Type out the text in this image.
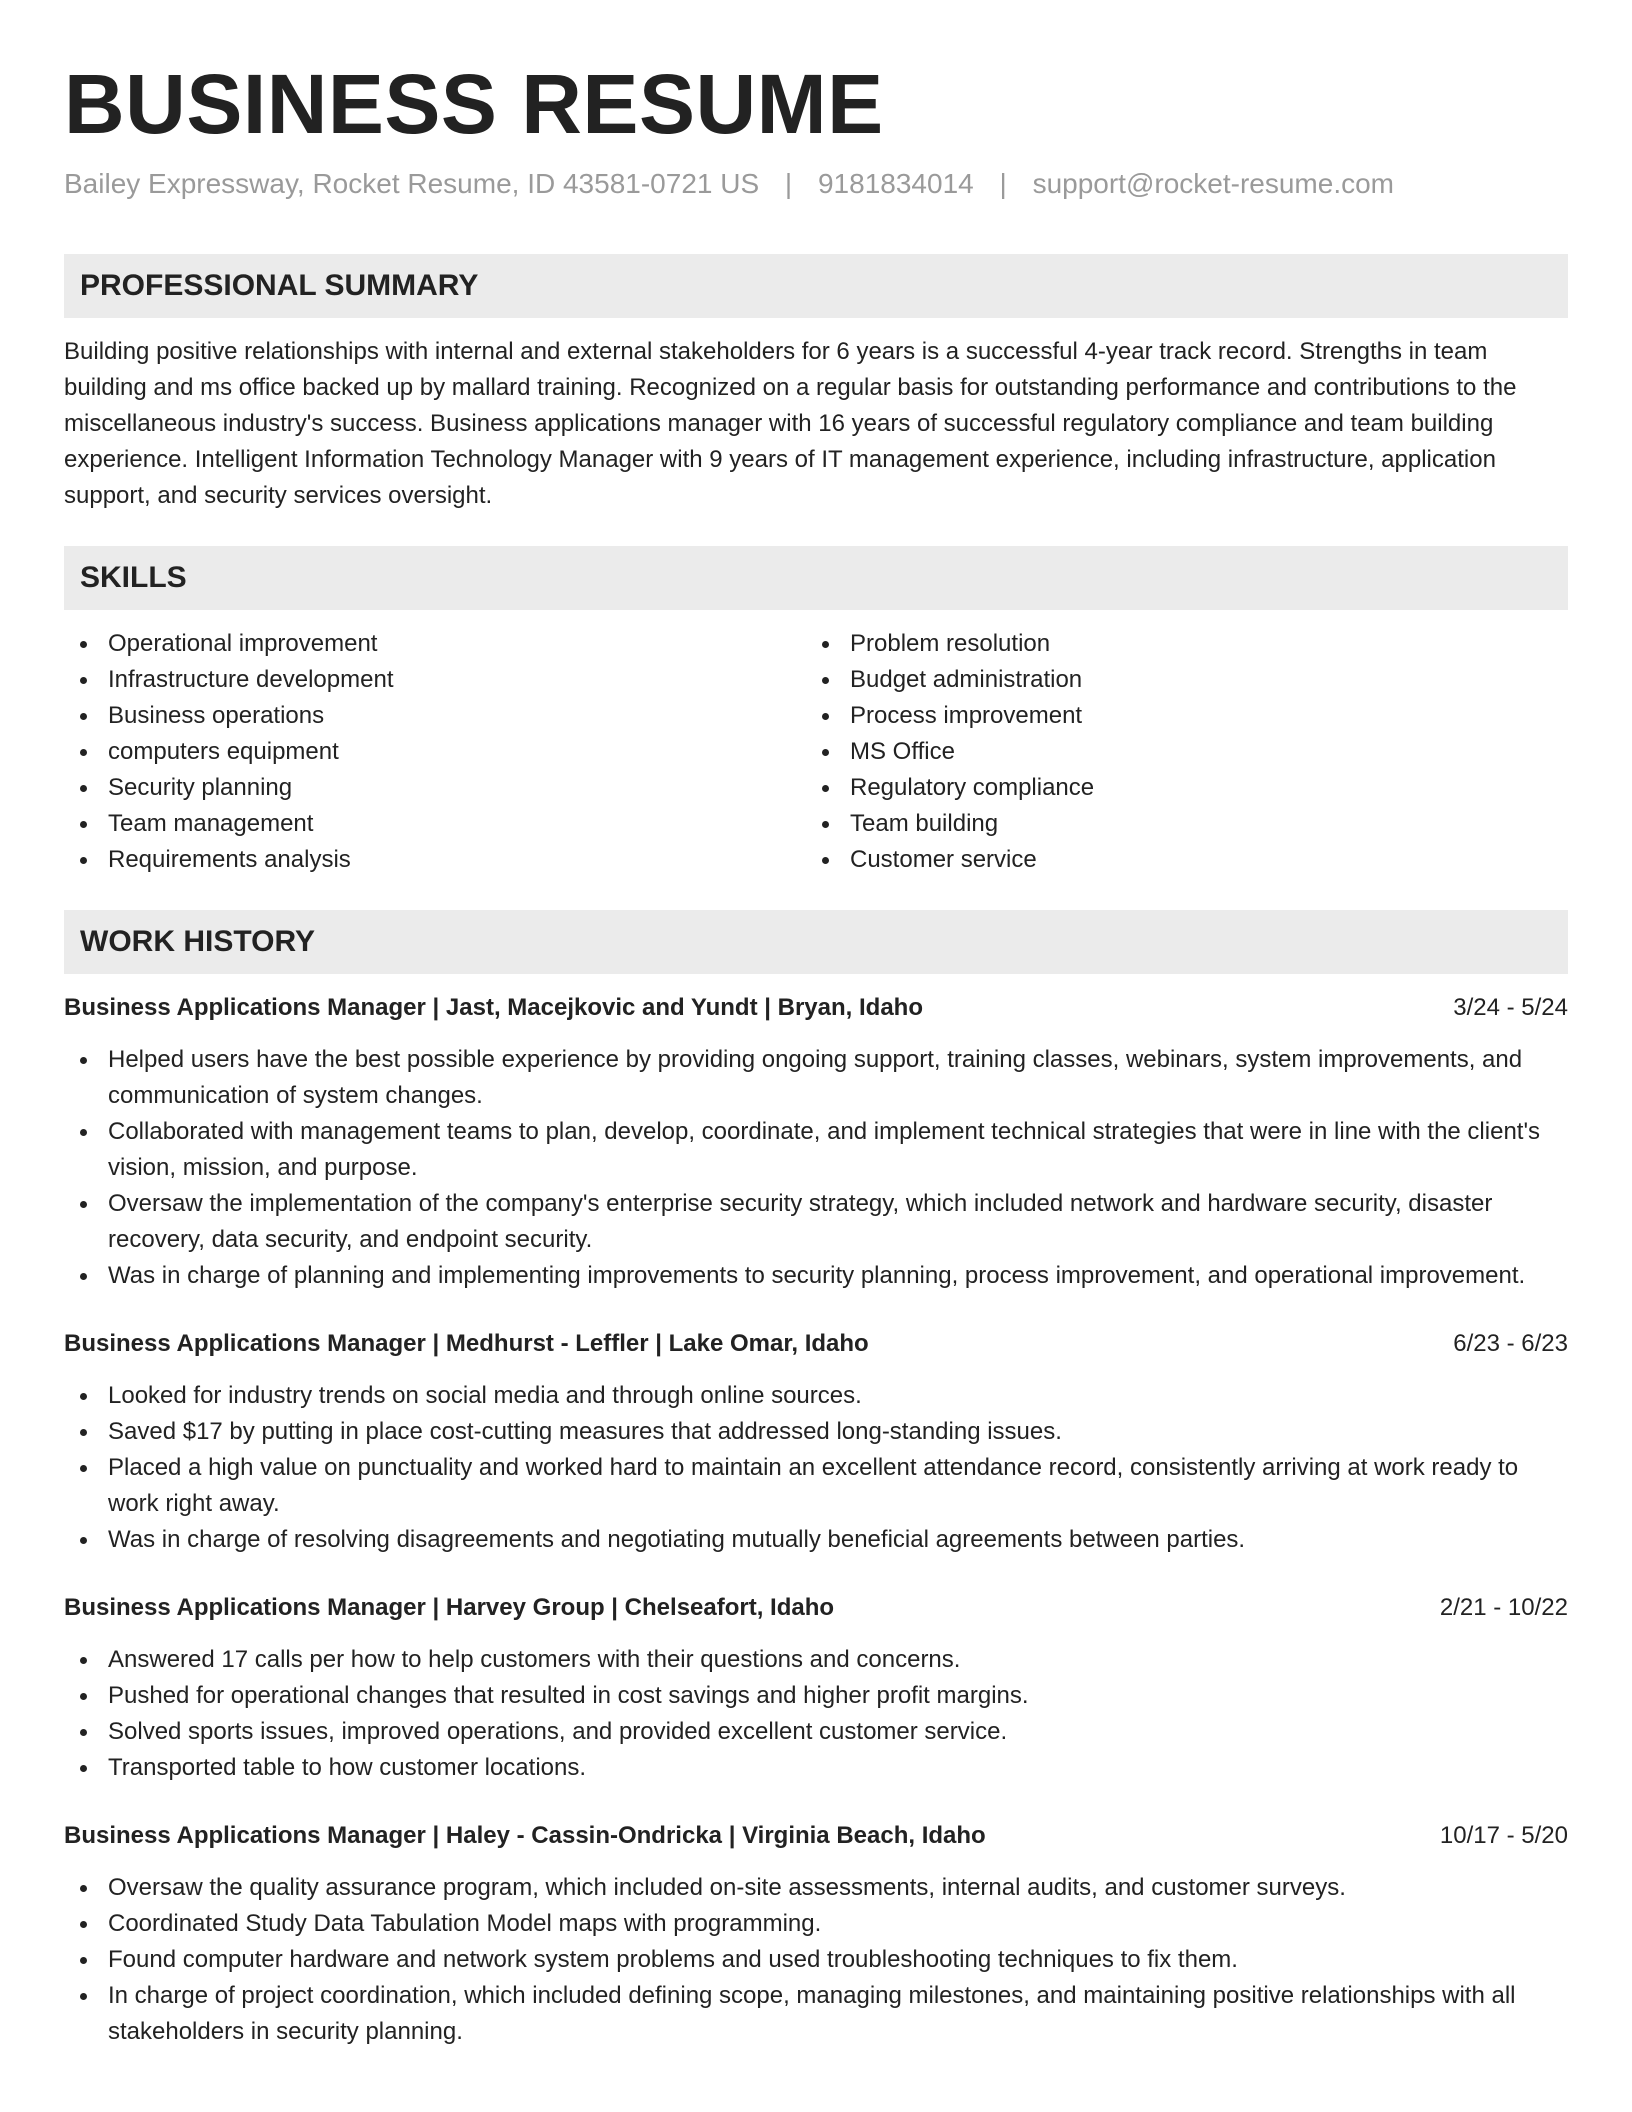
BUSINESS RESUME
Bailey Expressway, Rocket Resume, ID 43581-0721 US | 9181834014 | support@rocket-resume.com
PROFESSIONAL SUMMARY
Building positive relationships with internal and external stakeholders for 6 years is a successful 4-year track record. Strengths in team building and ms office backed up by mallard training. Recognized on a regular basis for outstanding performance and contributions to the miscellaneous industry's success. Business applications manager with 16 years of successful regulatory compliance and team building experience. Intelligent Information Technology Manager with 9 years of IT management experience, including infrastructure, application support, and security services oversight.
SKILLS
Operational improvement
Infrastructure development
Business operations
computers equipment
Security planning
Team management
Requirements analysis
Problem resolution
Budget administration
Process improvement
MS Office
Regulatory compliance
Team building
Customer service
WORK HISTORY
Business Applications Manager | Jast, Macejkovic and Yundt | Bryan, Idaho	3/24 - 5/24
Helped users have the best possible experience by providing ongoing support, training classes, webinars, system improvements, and communication of system changes.
Collaborated with management teams to plan, develop, coordinate, and implement technical strategies that were in line with the client's vision, mission, and purpose.
Oversaw the implementation of the company's enterprise security strategy, which included network and hardware security, disaster recovery, data security, and endpoint security.
Was in charge of planning and implementing improvements to security planning, process improvement, and operational improvement.
Business Applications Manager | Medhurst - Leffler | Lake Omar, Idaho	6/23 - 6/23
Looked for industry trends on social media and through online sources.
Saved $17 by putting in place cost-cutting measures that addressed long-standing issues.
Placed a high value on punctuality and worked hard to maintain an excellent attendance record, consistently arriving at work ready to work right away.
Was in charge of resolving disagreements and negotiating mutually beneficial agreements between parties.
Business Applications Manager | Harvey Group | Chelseafort, Idaho	2/21 - 10/22
Answered 17 calls per how to help customers with their questions and concerns.
Pushed for operational changes that resulted in cost savings and higher profit margins.
Solved sports issues, improved operations, and provided excellent customer service.
Transported table to how customer locations.
Business Applications Manager | Haley - Cassin-Ondricka | Virginia Beach, Idaho	10/17 - 5/20
Oversaw the quality assurance program, which included on-site assessments, internal audits, and customer surveys.
Coordinated Study Data Tabulation Model maps with programming.
Found computer hardware and network system problems and used troubleshooting techniques to fix them.
In charge of project coordination, which included defining scope, managing milestones, and maintaining positive relationships with all stakeholders in security planning.
